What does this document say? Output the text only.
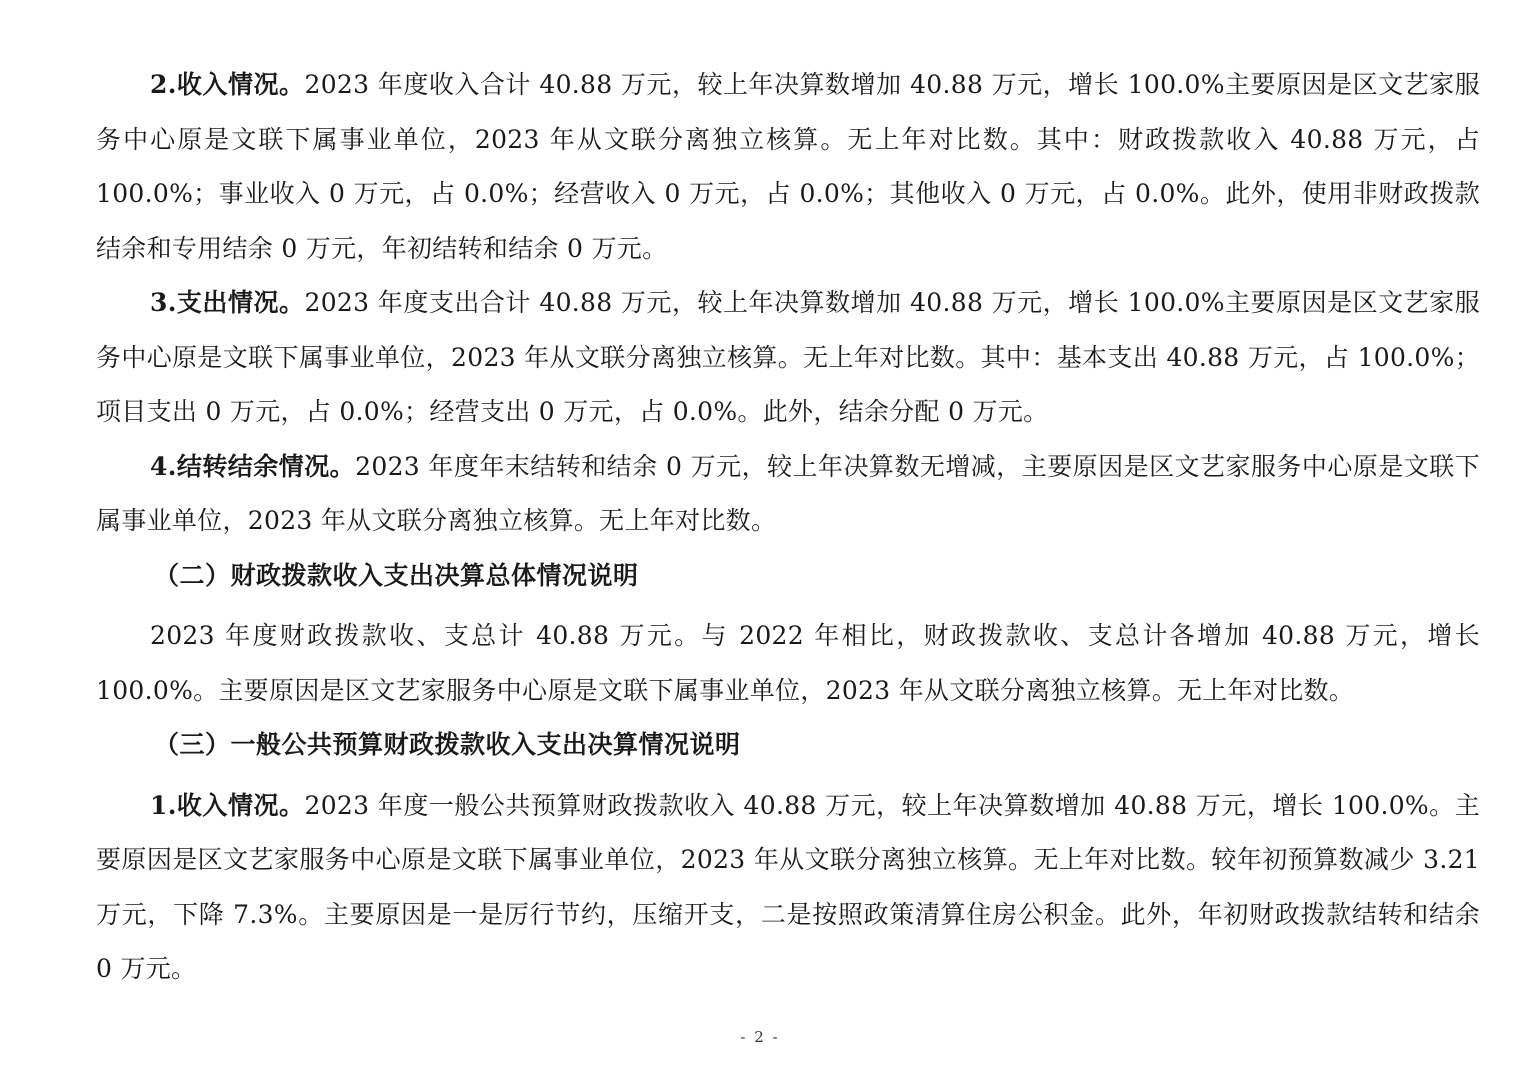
2.收入情况。2023 年度收入合计 40.88 万元，较上年决算数增加 40.88 万元，增长 100.0%主要原因是区文艺家服务中心原是文联下属事业单位，2023 年从文联分离独立核算。无上年对比数。其中：财政拨款收入 40.88 万元，占 100.0%；事业收入 0 万元，占 0.0%；经营收入 0 万元，占 0.0%；其他收入 0 万元，占 0.0%。此外，使用非财政拨款结余和专用结余 0 万元，年初结转和结余 0 万元。

3.支出情况。2023 年度支出合计 40.88 万元，较上年决算数增加 40.88 万元，增长 100.0%主要原因是区文艺家服务中心原是文联下属事业单位，2023 年从文联分离独立核算。无上年对比数。其中：基本支出 40.88 万元，占 100.0%；项目支出 0 万元，占 0.0%；经营支出 0 万元，占 0.0%。此外，结余分配 0 万元。

4.结转结余情况。2023 年度年末结转和结余 0 万元，较上年决算数无增减，主要原因是区文艺家服务中心原是文联下属事业单位，2023 年从文联分离独立核算。无上年对比数。

（二）财政拨款收入支出决算总体情况说明

2023 年度财政拨款收、支总计 40.88 万元。与 2022 年相比，财政拨款收、支总计各增加 40.88 万元，增长 100.0%。主要原因是区文艺家服务中心原是文联下属事业单位，2023 年从文联分离独立核算。无上年对比数。

（三）一般公共预算财政拨款收入支出决算情况说明

1.收入情况。2023 年度一般公共预算财政拨款收入 40.88 万元，较上年决算数增加 40.88 万元，增长 100.0%。主要原因是区文艺家服务中心原是文联下属事业单位，2023 年从文联分离独立核算。无上年对比数。较年初预算数减少 3.21 万元，下降 7.3%。主要原因是一是厉行节约，压缩开支，二是按照政策清算住房公积金。此外，年初财政拨款结转和结余 0 万元。

- 2 -
